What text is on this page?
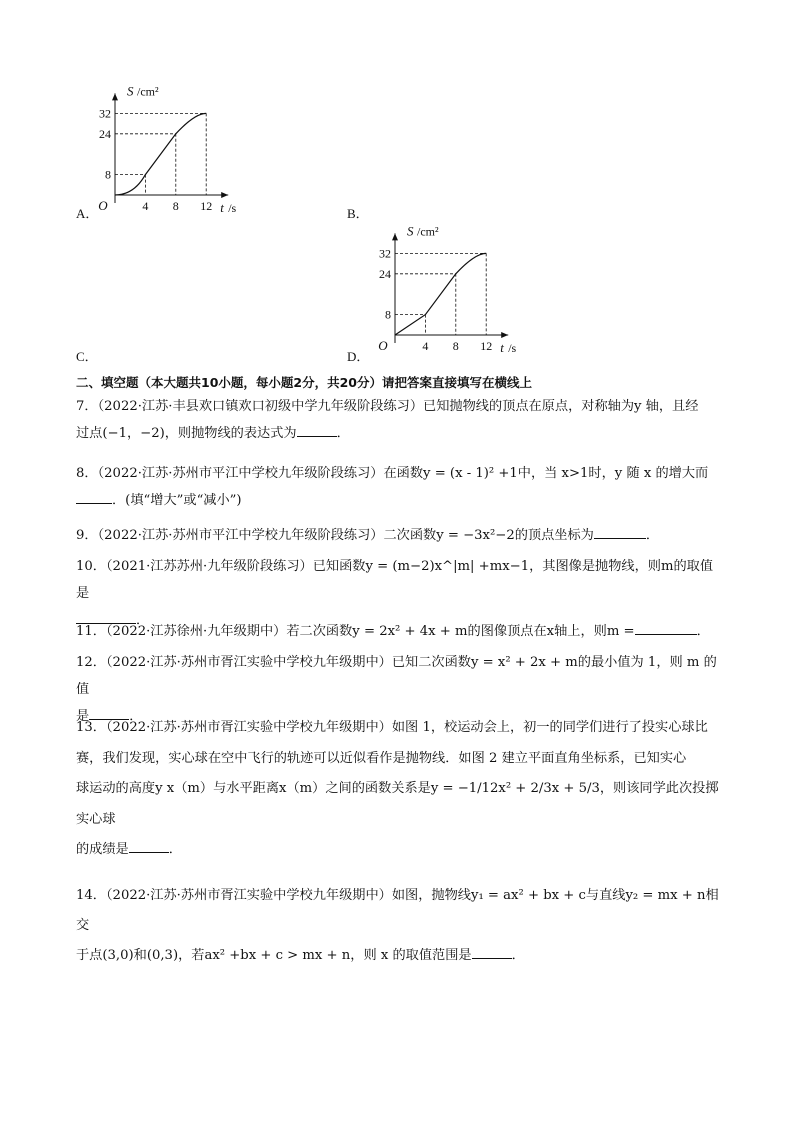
A．	B．
C．	D．
4 8 12
8
24
32
O
S /cm²
t /s
4 8 12
8
24
32
O
S /cm²
t /s
二、填空题（本大题共10小题，每小题2分，共20分）请把答案直接填写在横线上
7．（2022·江苏·丰县欢口镇欢口初级中学九年级阶段练习）已知抛物线的顶点在原点，对称轴为y 轴，且经
过点(−1，−2)，则抛物线的表达式为	．
8．（2022·江苏·苏州市平江中学校九年级阶段练习）在函数y = (x - 1)² +1中，当 x>1时，y 随 x 的增大而
．(填“增大”或“减小”)
9．（2022·江苏·苏州市平江中学校九年级阶段练习）二次函数y = −3x²−2的顶点坐标为	．
10．（2021·江苏苏州·九年级阶段练习）已知函数y = (m−2)x^|m| +mx−1，其图像是抛物线，则m的取值是
．
11．（2022·江苏徐州·九年级期中）若二次函数y = 2x² + 4x + m的图像顶点在x轴上，则m =	．
12．（2022·江苏·苏州市胥江实验中学校九年级期中）已知二次函数y = x² + 2x + m的最小值为 1，则 m 的值
是	．
13．（2022·江苏·苏州市胥江实验中学校九年级期中）如图 1，校运动会上，初一的同学们进行了投实心球比
赛，我们发现，实心球在空中飞行的轨迹可以近似看作是抛物线．如图 2 建立平面直角坐标系，已知实心
球运动的高度y x（m）与水平距离x（m）之间的函数关系是y = −1/12x² + 2/3x + 5/3，则该同学此次投掷实心球
的成绩是	．
14．（2022·江苏·苏州市胥江实验中学校九年级期中）如图，抛物线y₁ = ax² + bx + c与直线y₂ = mx + n相交
于点(3,0)和(0,3)，若ax² +bx + c > mx + n，则 x 的取值范围是	．
